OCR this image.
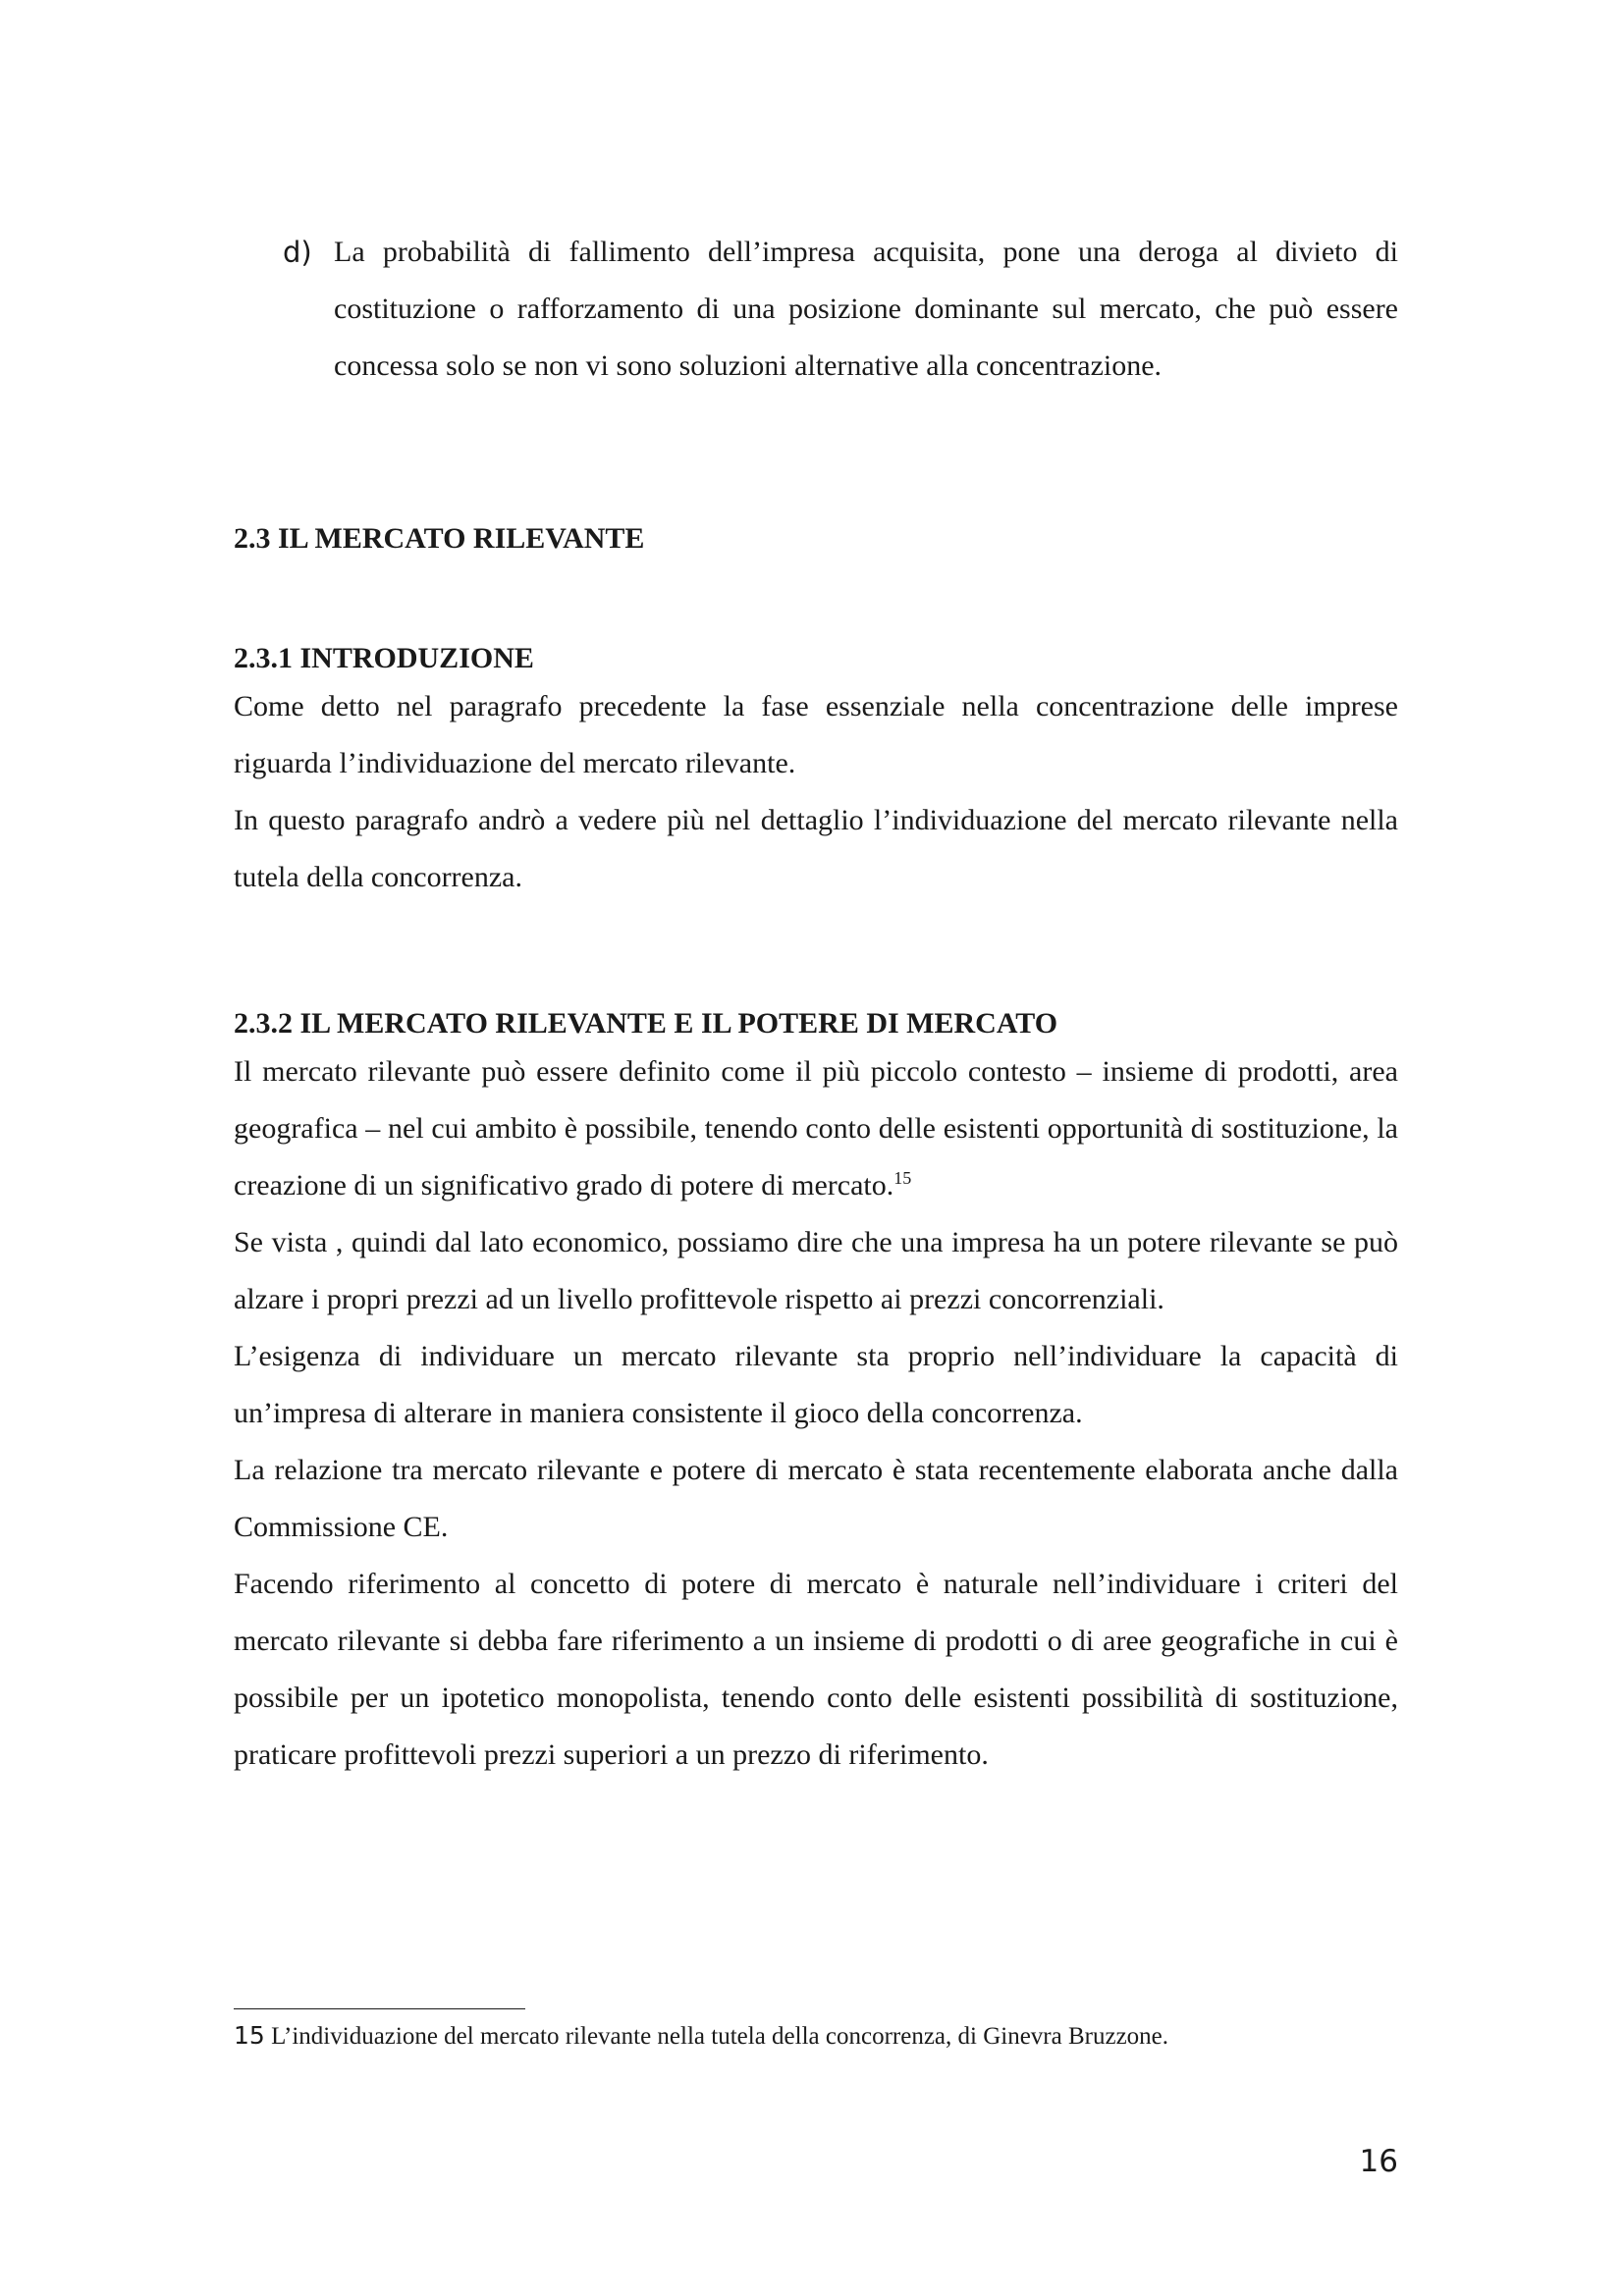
d) La probabilità di fallimento dell’impresa acquisita, pone una deroga al divieto di costituzione o rafforzamento di una posizione dominante sul mercato, che può essere concessa solo se non vi sono soluzioni alternative alla concentrazione.
2.3 IL MERCATO RILEVANTE
2.3.1 INTRODUZIONE

Come detto nel paragrafo precedente la fase essenziale nella concentrazione delle imprese riguarda l’individuazione del mercato rilevante.

In questo paragrafo andrò a vedere più nel dettaglio l’individuazione del mercato rilevante nella tutela della concorrenza.

2.3.2 IL MERCATO RILEVANTE E IL POTERE DI MERCATO

Il mercato rilevante può essere definito come il più piccolo contesto – insieme di prodotti, area geografica – nel cui ambito è possibile, tenendo conto delle esistenti opportunità di sostituzione, la creazione di un significativo grado di potere di mercato.$^{15}$

Se vista , quindi dal lato economico, possiamo dire che una impresa ha un potere rilevante se può alzare i propri prezzi ad un livello profittevole rispetto ai prezzi concorrenziali.

L’esigenza di individuare un mercato rilevante sta proprio nell’individuare la capacità di un’impresa di alterare in maniera consistente il gioco della concorrenza.

La relazione tra mercato rilevante e potere di mercato è stata recentemente elaborata anche dalla Commissione CE.

Facendo riferimento al concetto di potere di mercato è naturale nell’individuare i criteri del mercato rilevante si debba fare riferimento a un insieme di prodotti o di aree geografiche in cui è possibile per un ipotetico monopolista, tenendo conto delle esistenti possibilità di sostituzione, praticare profittevoli prezzi superiori a un prezzo di riferimento.

15 L’individuazione del mercato rilevante nella tutela della concorrenza, di Ginevra Bruzzone.
16
